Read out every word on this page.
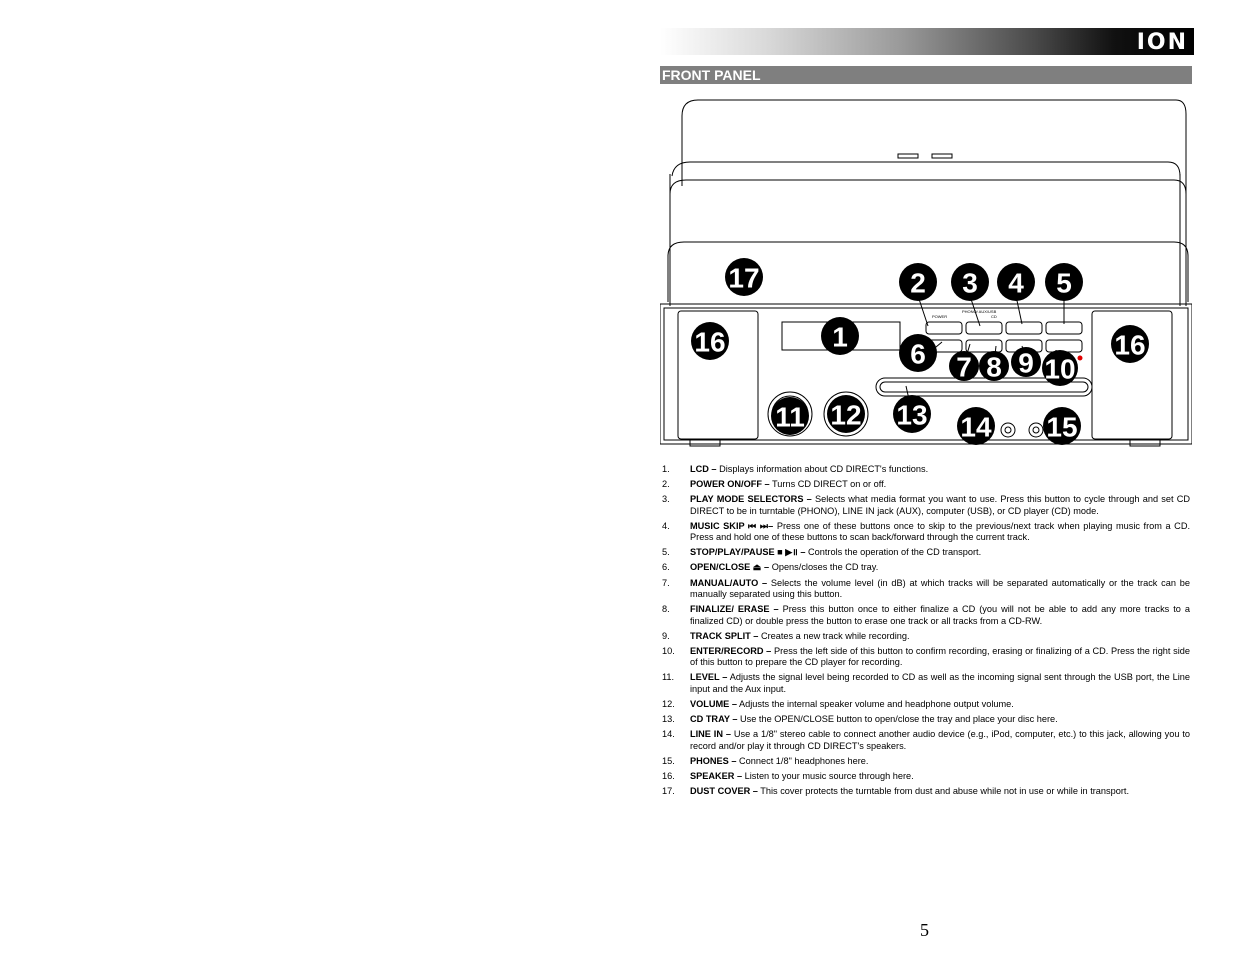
ION
FRONT PANEL
POWER
PHONO/ AUX/USB
CD
17	2 3 4 5
16	1
6 7 8 9 10
16
11 12 13 14 15
1. LCD – Displays information about CD DIRECT's functions.
2. POWER ON/OFF – Turns CD DIRECT on or off.
3. PLAY MODE SELECTORS – Selects what media format you want to use. Press this button to cycle through and set CD DIRECT to be in turntable (PHONO), LINE IN jack (AUX), computer (USB), or CD player (CD) mode.
4. MUSIC SKIP ⏮ ⏭– Press one of these buttons once to skip to the previous/next track when playing music from a CD. Press and hold one of these buttons to scan back/forward through the current track.
5. STOP/PLAY/PAUSE ■ ▶॥ – Controls the operation of the CD transport.
6. OPEN/CLOSE ⏏ – Opens/closes the CD tray.
7. MANUAL/AUTO – Selects the volume level (in dB) at which tracks will be separated automatically or the track can be manually separated using this button.
8. FINALIZE/ ERASE – Press this button once to either finalize a CD (you will not be able to add any more tracks to a finalized CD) or double press the button to erase one track or all tracks from a CD-RW.
9. TRACK SPLIT – Creates a new track while recording.
10. ENTER/RECORD – Press the left side of this button to confirm recording, erasing or finalizing of a CD. Press the right side of this button to prepare the CD player for recording.
11. LEVEL – Adjusts the signal level being recorded to CD as well as the incoming signal sent through the USB port, the Line input and the Aux input.
12. VOLUME – Adjusts the internal speaker volume and headphone output volume.
13. CD TRAY – Use the OPEN/CLOSE button to open/close the tray and place your disc here.
14. LINE IN – Use a 1/8" stereo cable to connect another audio device (e.g., iPod, computer, etc.) to this jack, allowing you to record and/or play it through CD DIRECT's speakers.
15. PHONES – Connect 1/8" headphones here.
16. SPEAKER – Listen to your music source through here.
17. DUST COVER – This cover protects the turntable from dust and abuse while not in use or while in transport.
5
